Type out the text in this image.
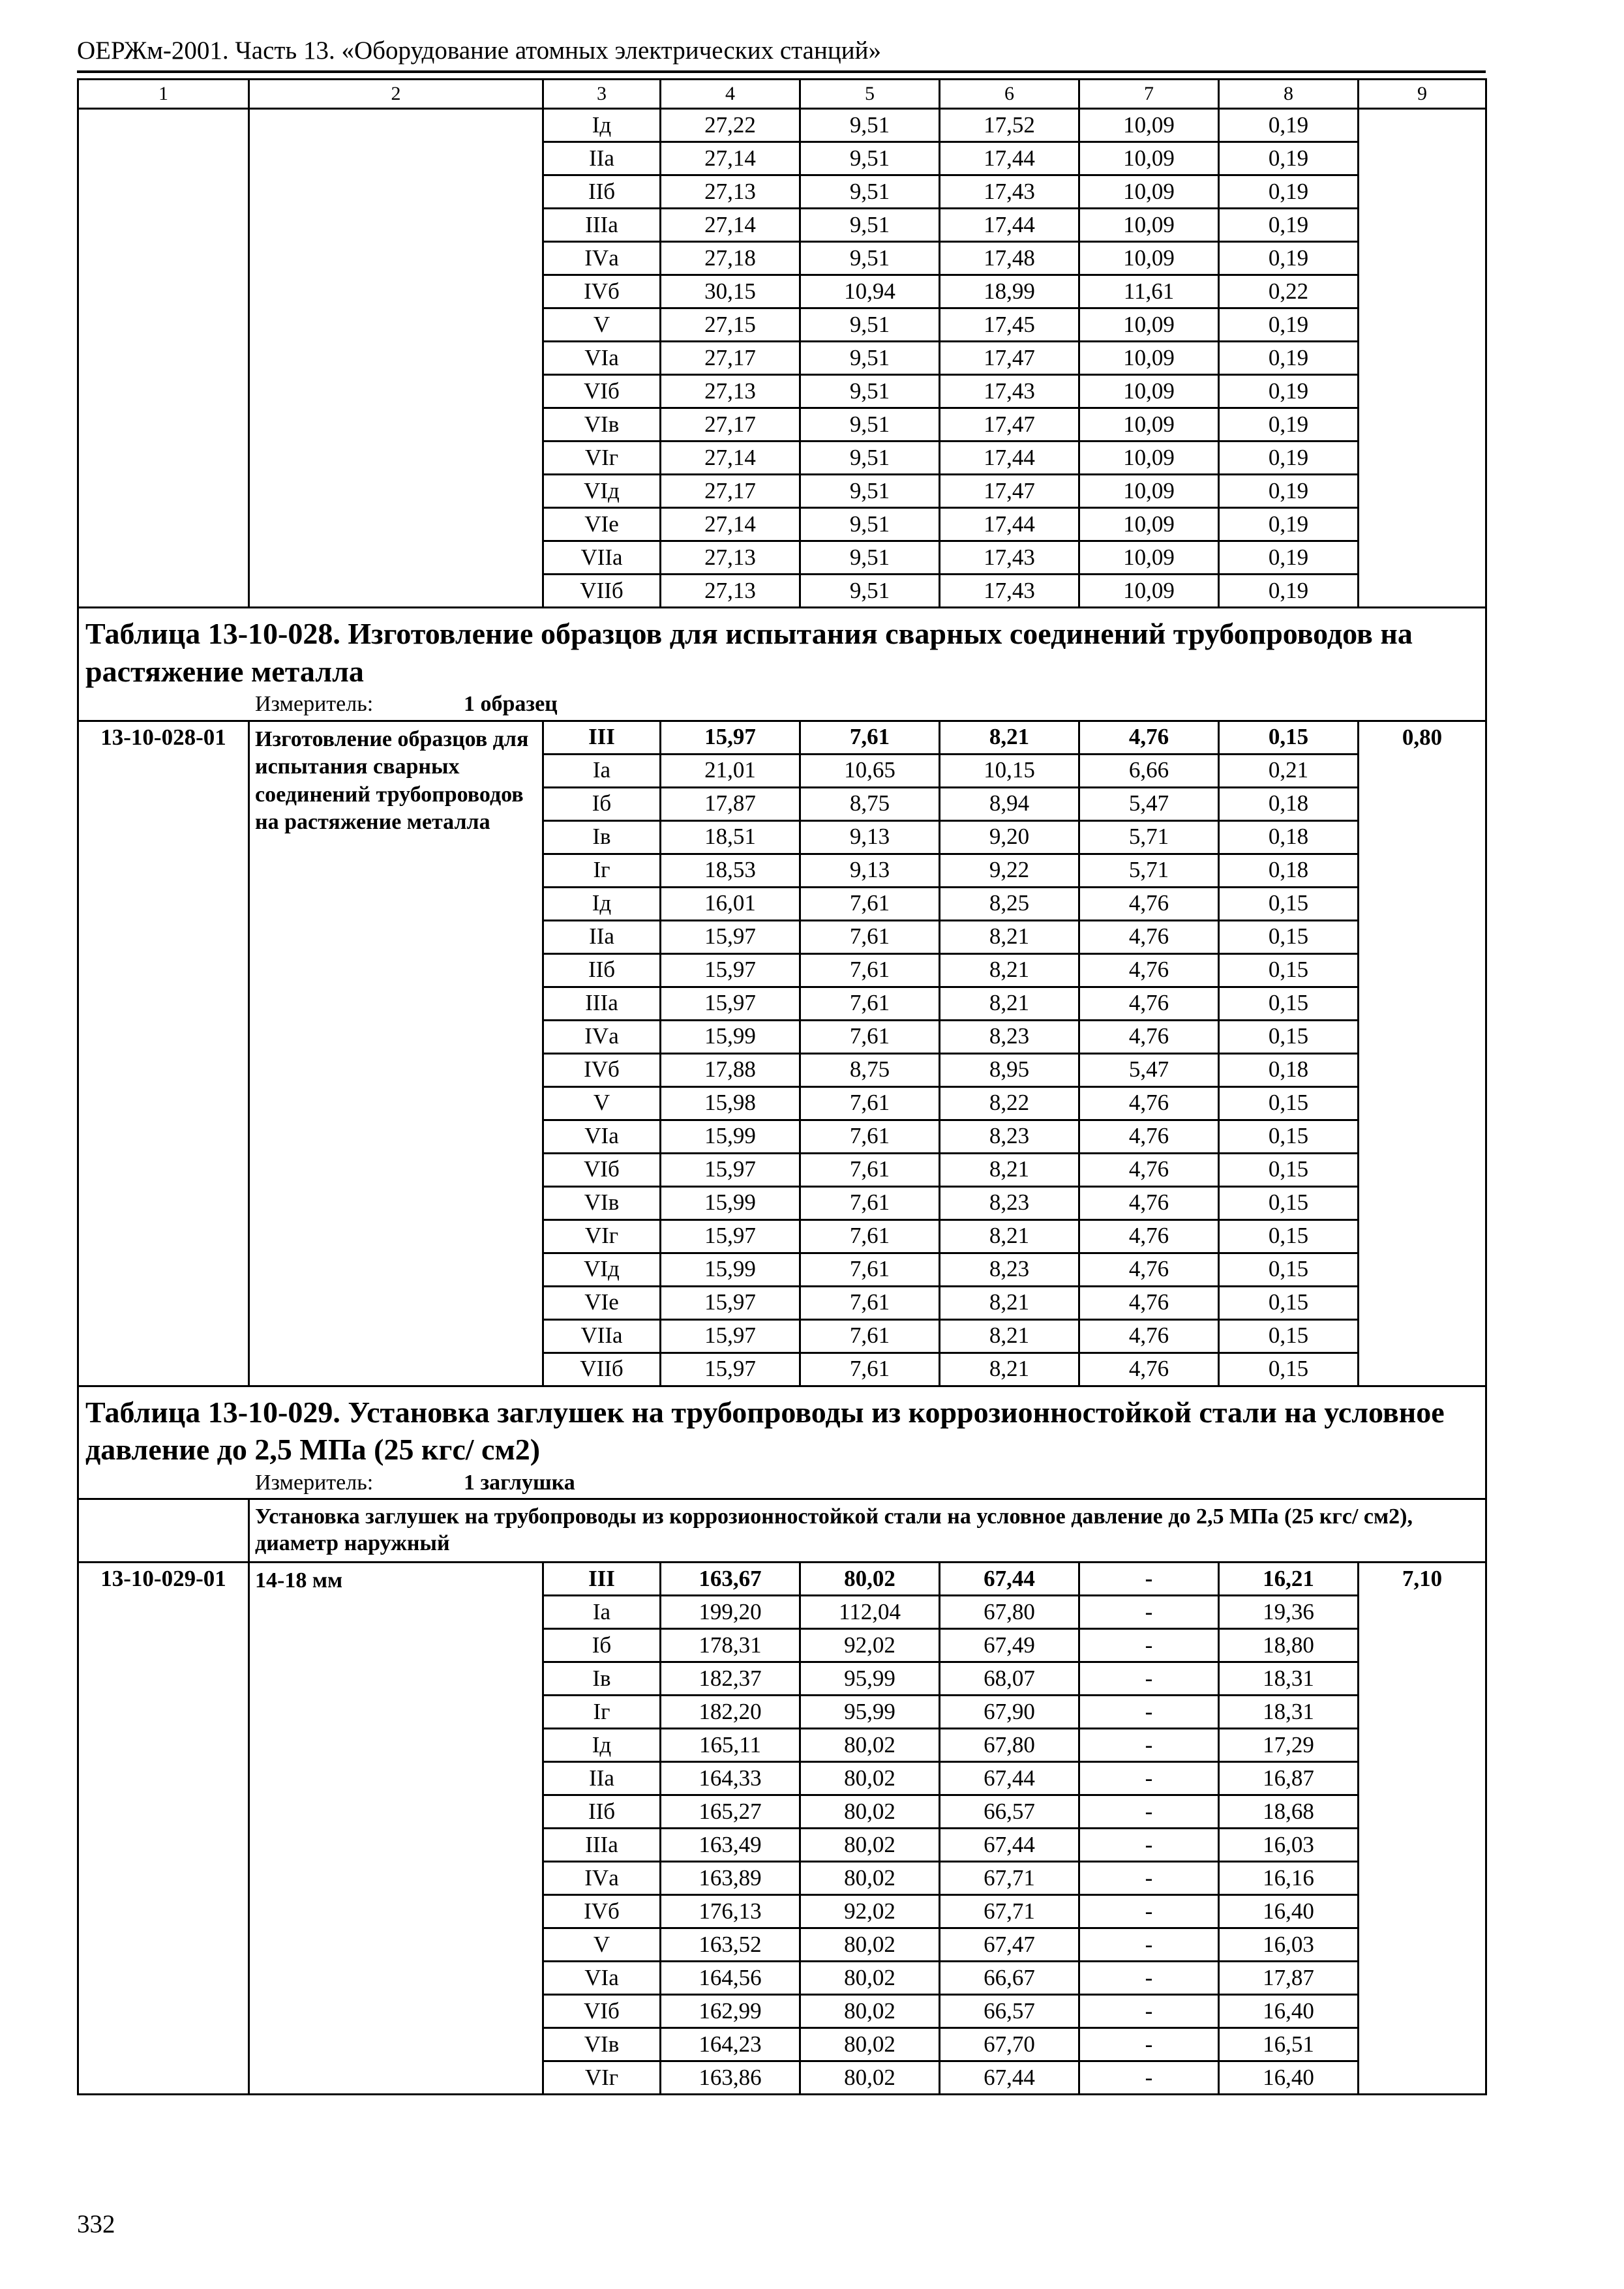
ОЕРЖм-2001. Часть 13. «Оборудование атомных электрических станций»
1	2	3	4	5	6	7	8	9
		Iд	27,22	9,51	17,52	10,09	0,19	
		IIа	27,14	9,51	17,44	10,09	0,19	
		IIб	27,13	9,51	17,43	10,09	0,19	
		IIIа	27,14	9,51	17,44	10,09	0,19	
		IVа	27,18	9,51	17,48	10,09	0,19	
		IVб	30,15	10,94	18,99	11,61	0,22	
		V	27,15	9,51	17,45	10,09	0,19	
		VIа	27,17	9,51	17,47	10,09	0,19	
		VIб	27,13	9,51	17,43	10,09	0,19	
		VIв	27,17	9,51	17,47	10,09	0,19	
		VIг	27,14	9,51	17,44	10,09	0,19	
		VIд	27,17	9,51	17,47	10,09	0,19	
		VIе	27,14	9,51	17,44	10,09	0,19	
		VIIа	27,13	9,51	17,43	10,09	0,19	
		VIIб	27,13	9,51	17,43	10,09	0,19	

Таблица 13-10-028. Изготовление образцов для испытания сварных соединений трубопроводов на растяжение металла
Измеритель: 1 образец								

13-10-028-01	Изготовление образцов для испытания сварных соединений трубопроводов на растяжение металла	III	15,97	7,61	8,21	4,76	0,15	0,80
		Iа	21,01	10,65	10,15	6,66	0,21	
		Iб	17,87	8,75	8,94	5,47	0,18	
		Iв	18,51	9,13	9,20	5,71	0,18	
		Iг	18,53	9,13	9,22	5,71	0,18	
		Iд	16,01	7,61	8,25	4,76	0,15	
		IIа	15,97	7,61	8,21	4,76	0,15	
		IIб	15,97	7,61	8,21	4,76	0,15	
		IIIа	15,97	7,61	8,21	4,76	0,15	
		IVа	15,99	7,61	8,23	4,76	0,15	
		IVб	17,88	8,75	8,95	5,47	0,18	
		V	15,98	7,61	8,22	4,76	0,15	
		VIа	15,99	7,61	8,23	4,76	0,15	
		VIб	15,97	7,61	8,21	4,76	0,15	
		VIв	15,99	7,61	8,23	4,76	0,15	
		VIг	15,97	7,61	8,21	4,76	0,15	
		VIд	15,99	7,61	8,23	4,76	0,15	
		VIе	15,97	7,61	8,21	4,76	0,15	
		VIIа	15,97	7,61	8,21	4,76	0,15	
		VIIб	15,97	7,61	8,21	4,76	0,15	

Таблица 13-10-029. Установка заглушек на трубопроводы из коррозионностойкой стали на условное давление до 2,5 МПа (25 кгс/ см2)
Измеритель: 1 заглушка								

	Установка заглушек на трубопроводы из коррозионностойкой стали на условное давление до 2,5 МПа (25 кгс/ см2), диаметр наружный							
13-10-029-01	14-18 мм	III	163,67	80,02	67,44	-	16,21	7,10
		Iа	199,20	112,04	67,80	-	19,36	
		Iб	178,31	92,02	67,49	-	18,80	
		Iв	182,37	95,99	68,07	-	18,31	
		Iг	182,20	95,99	67,90	-	18,31	
		Iд	165,11	80,02	67,80	-	17,29	
		IIа	164,33	80,02	67,44	-	16,87	
		IIб	165,27	80,02	66,57	-	18,68	
		IIIа	163,49	80,02	67,44	-	16,03	
		IVа	163,89	80,02	67,71	-	16,16	
		IVб	176,13	92,02	67,71	-	16,40	
		V	163,52	80,02	67,47	-	16,03	
		VIа	164,56	80,02	66,67	-	17,87	
		VIб	162,99	80,02	66,57	-	16,40	
		VIв	164,23	80,02	67,70	-	16,51	
		VIг	163,86	80,02	67,44	-	16,40	
332
